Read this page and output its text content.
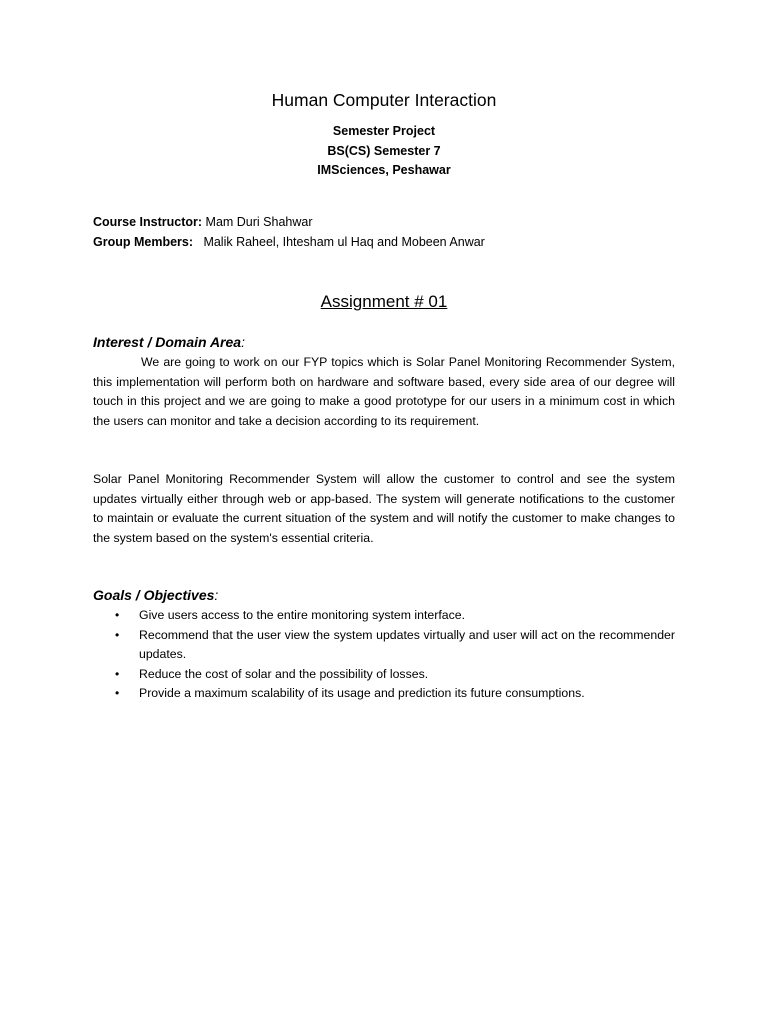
Human Computer Interaction
Semester Project
BS(CS) Semester 7
IMSciences, Peshawar
Course Instructor: Mam Duri Shahwar
Group Members: Malik Raheel, Ihtesham ul Haq and Mobeen Anwar
Assignment # 01
Interest / Domain Area:

We are going to work on our FYP topics which is Solar Panel Monitoring Recommender System, this implementation will perform both on hardware and software based, every side area of our degree will touch in this project and we are going to make a good prototype for our users in a minimum cost in which the users can monitor and take a decision according to its requirement.

Solar Panel Monitoring Recommender System will allow the customer to control and see the system updates virtually either through web or app-based. The system will generate notifications to the customer to maintain or evaluate the current situation of the system and will notify the customer to make changes to the system based on the system's essential criteria.

Goals / Objectives:
• Give users access to the entire monitoring system interface.
• Recommend that the user view the system updates virtually and user will act on the recommender updates.
• Reduce the cost of solar and the possibility of losses.
• Provide a maximum scalability of its usage and prediction its future consumptions.
